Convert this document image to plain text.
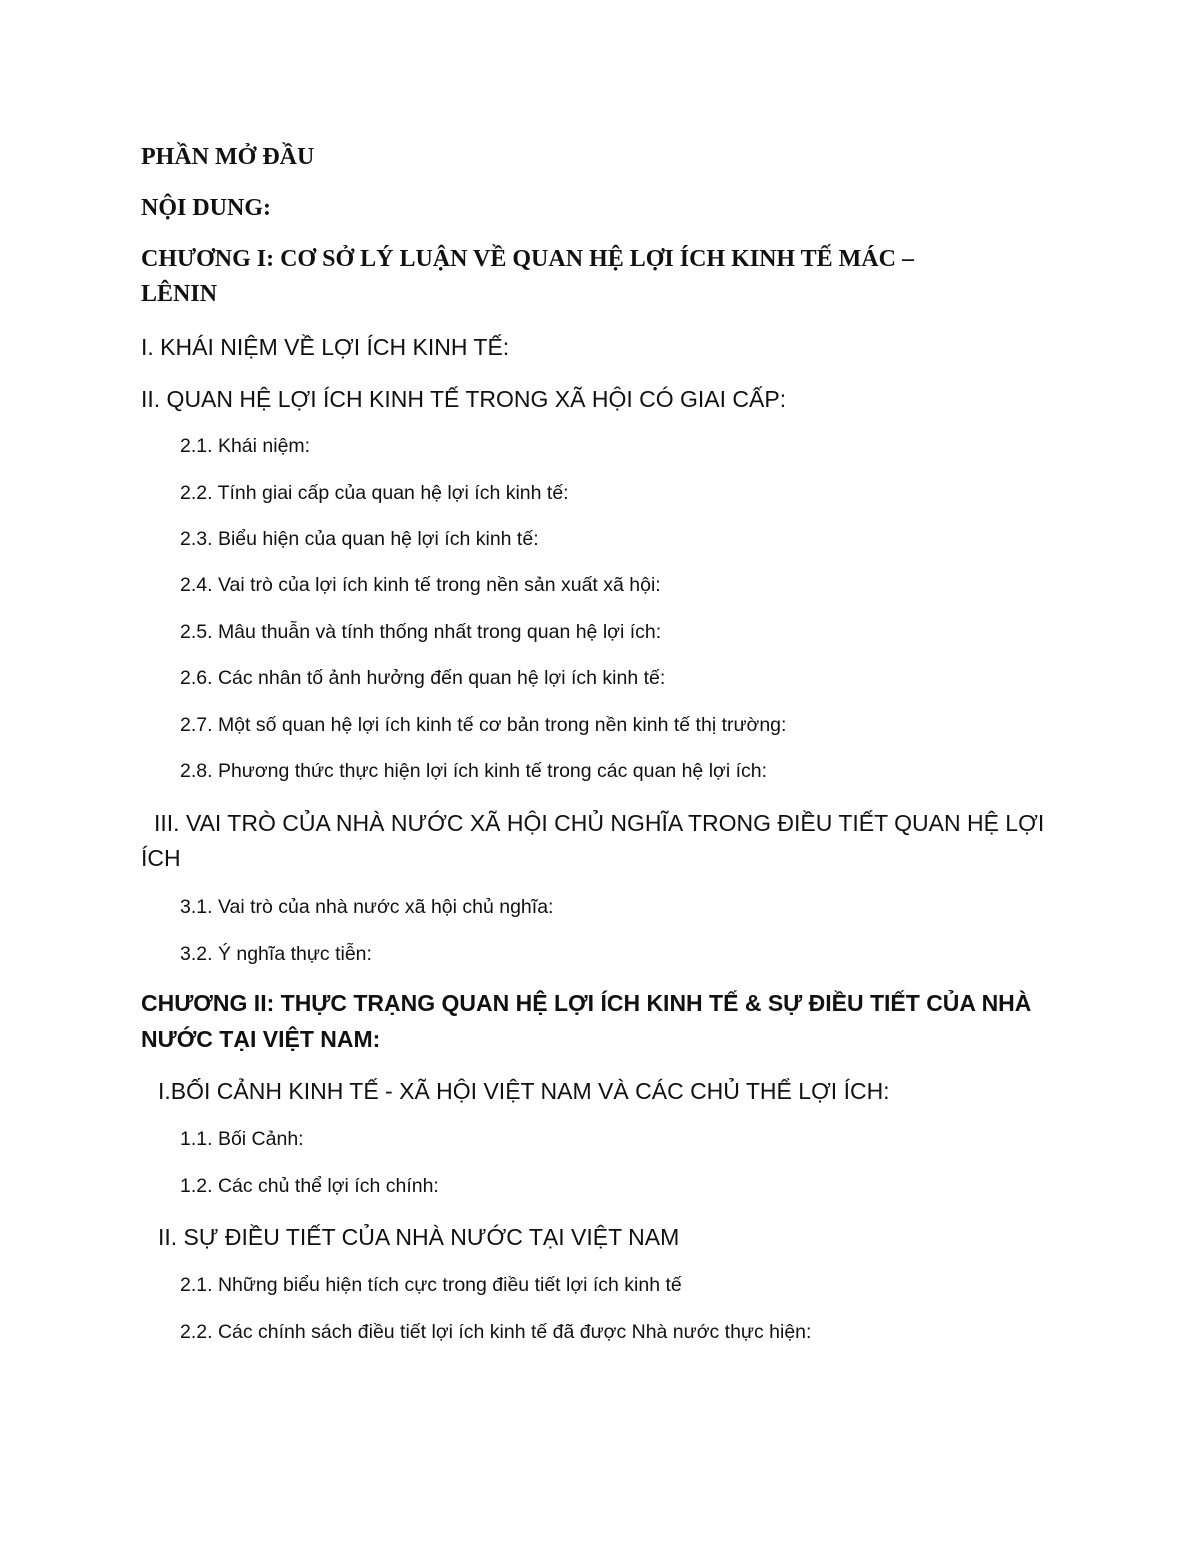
PHẦN MỞ ĐẦU
NỘI DUNG:
CHƯƠNG I: CƠ SỞ LÝ LUẬN VỀ QUAN HỆ LỢI ÍCH KINH TẾ MÁC –
LÊNIN
I. KHÁI NIỆM VỀ LỢI ÍCH KINH TẾ:
II. QUAN HỆ LỢI ÍCH KINH TẾ TRONG XÃ HỘI CÓ GIAI CẤP:
2.1. Khái niệm:
2.2. Tính giai cấp của quan hệ lợi ích kinh tế:
2.3. Biểu hiện của quan hệ lợi ích kinh tế:
2.4. Vai trò của lợi ích kinh tế trong nền sản xuất xã hội:
2.5. Mâu thuẫn và tính thống nhất trong quan hệ lợi ích:
2.6. Các nhân tố ảnh hưởng đến quan hệ lợi ích kinh tế:
2.7. Một số quan hệ lợi ích kinh tế cơ bản trong nền kinh tế thị trường:
2.8. Phương thức thực hiện lợi ích kinh tế trong các quan hệ lợi ích:
III. VAI TRÒ CỦA NHÀ NƯỚC XÃ HỘI CHỦ NGHĨA TRONG ĐIỀU TIẾT QUAN HỆ LỢI
ÍCH
3.1. Vai trò của nhà nước xã hội chủ nghĩa:
3.2. Ý nghĩa thực tiễn:
CHƯƠNG II: THỰC TRẠNG QUAN HỆ LỢI ÍCH KINH TẾ & SỰ ĐIỀU TIẾT CỦA NHÀ
NƯỚC TẠI VIỆT NAM:
I.BỐI CẢNH KINH TẾ - XÃ HỘI VIỆT NAM VÀ CÁC CHỦ THỂ LỢI ÍCH:
1.1. Bối Cảnh:
1.2. Các chủ thể lợi ích chính:
II. SỰ ĐIỀU TIẾT CỦA NHÀ NƯỚC TẠI VIỆT NAM
2.1. Những biểu hiện tích cực trong điều tiết lợi ích kinh tế
2.2. Các chính sách điều tiết lợi ích kinh tế đã được Nhà nước thực hiện:
